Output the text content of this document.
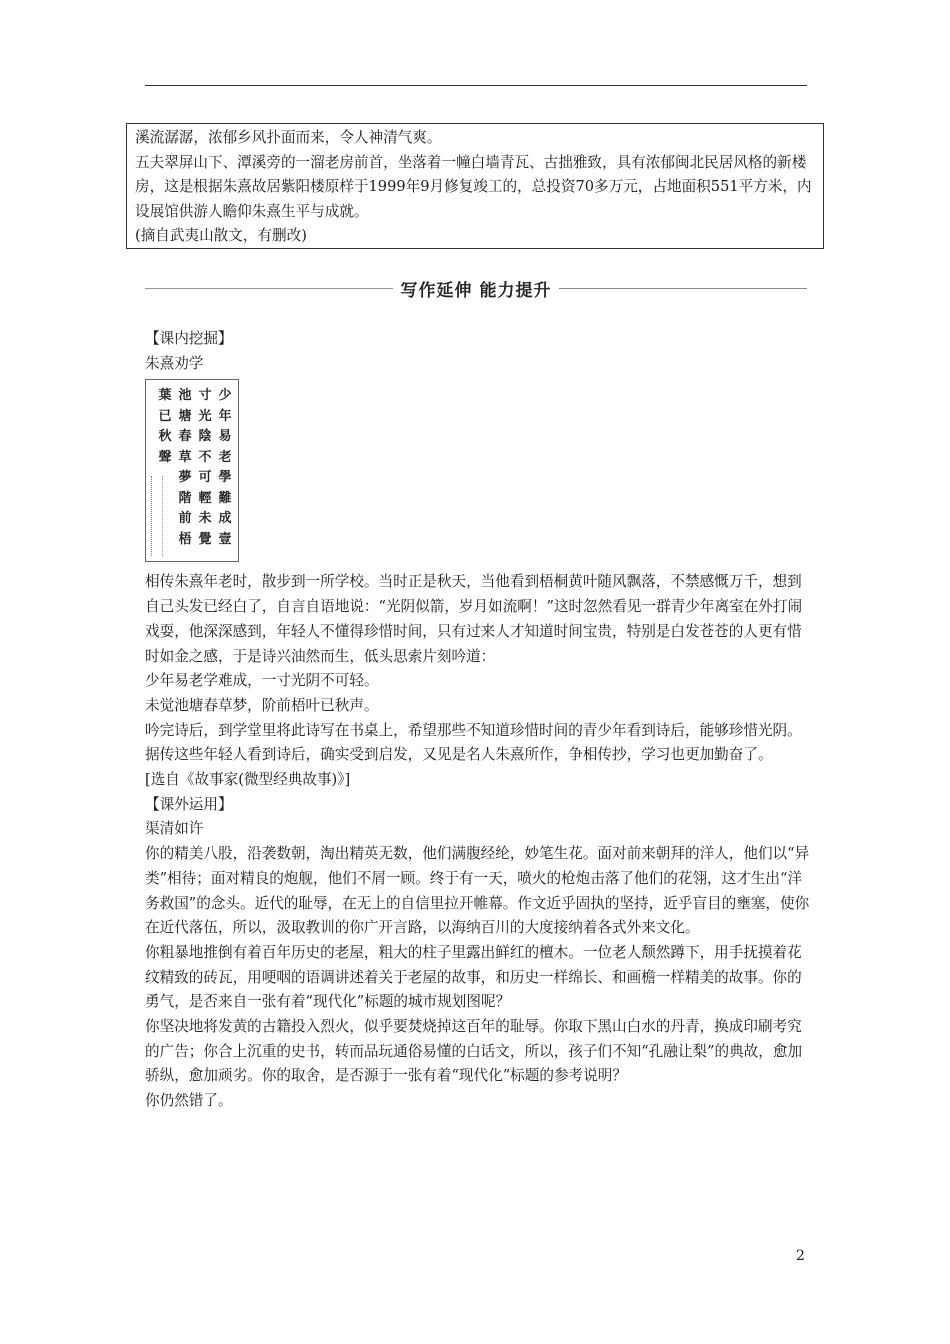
溪流潺潺，浓郁乡风扑面而来，令人神清气爽。

五夫翠屏山下、潭溪旁的一溜老房前首，坐落着一幢白墙青瓦、古拙雅致，具有浓郁闽北民居风格的新楼房，这是根据朱熹故居紫阳楼原样于1999年9月修复竣工的，总投资70多万元，占地面积551平方米，内设展馆供游人瞻仰朱熹生平与成就。

(摘自武夷山散文，有删改)

写作延伸 能力提升

【课内挖掘】

朱熹劝学

少年易老學難成壹
寸光陰不可輕未覺
池塘春草夢階前梧
葉已秋聲

相传朱熹年老时，散步到一所学校。当时正是秋天，当他看到梧桐黄叶随风飘落，不禁感慨万千，想到自己头发已经白了，自言自语地说：“光阴似箭，岁月如流啊！”这时忽然看见一群青少年离室在外打闹戏耍，他深深感到，年轻人不懂得珍惜时间，只有过来人才知道时间宝贵，特别是白发苍苍的人更有惜时如金之感，于是诗兴油然而生，低头思索片刻吟道：

少年易老学难成，一寸光阴不可轻。

未觉池塘春草梦，阶前梧叶已秋声。

吟完诗后，到学堂里将此诗写在书桌上，希望那些不知道珍惜时间的青少年看到诗后，能够珍惜光阴。据传这些年轻人看到诗后，确实受到启发，又见是名人朱熹所作，争相传抄，学习也更加勤奋了。

[选自《故事家(微型经典故事)》]

【课外运用】

渠清如许

你的精美八股，沿袭数朝，淘出精英无数，他们满腹经纶，妙笔生花。面对前来朝拜的洋人，他们以“异类”相待；面对精良的炮舰，他们不屑一顾。终于有一天，喷火的枪炮击落了他们的花翎，这才生出“洋务救国”的念头。近代的耻辱，在无上的自信里拉开帷幕。作文近乎固执的坚持，近乎盲目的壅塞，使你在近代落伍，所以，汲取教训的你广开言路，以海纳百川的大度接纳着各式外来文化。

你粗暴地推倒有着百年历史的老屋，粗大的柱子里露出鲜红的檀木。一位老人颓然蹲下，用手抚摸着花纹精致的砖瓦，用哽咽的语调讲述着关于老屋的故事，和历史一样绵长、和画檐一样精美的故事。你的勇气，是否来自一张有着“现代化”标题的城市规划图呢？

你坚决地将发黄的古籍投入烈火，似乎要焚烧掉这百年的耻辱。你取下黑山白水的丹青，换成印刷考究的广告；你合上沉重的史书，转而品玩通俗易懂的白话文，所以，孩子们不知“孔融让梨”的典故，愈加骄纵，愈加顽劣。你的取舍，是否源于一张有着“现代化”标题的参考说明？

你仍然错了。

2
